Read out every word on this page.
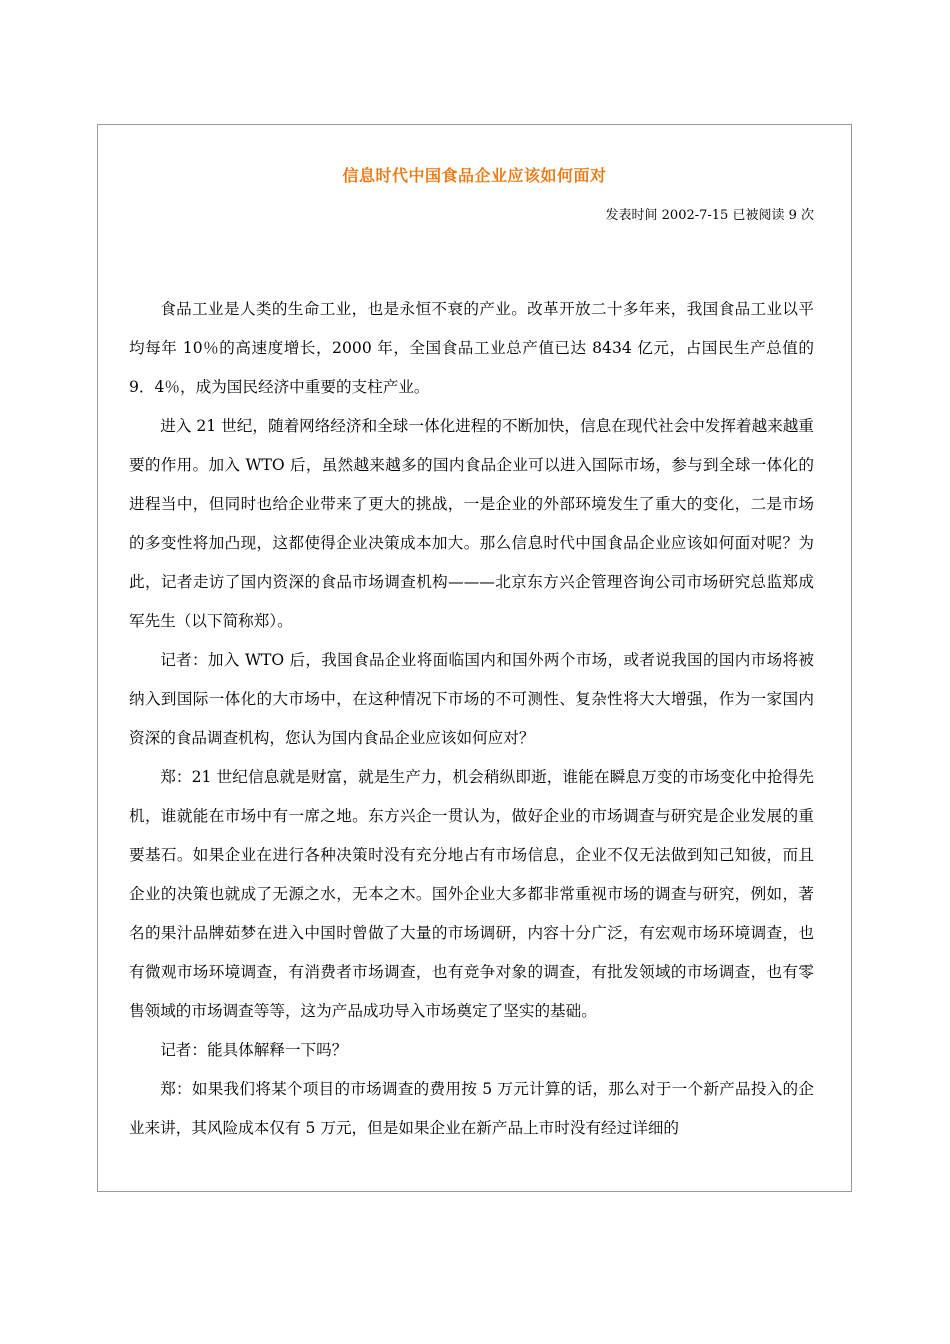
信息时代中国食品企业应该如何面对
发表时间 2002-7-15 已被阅读 9 次

食品工业是人类的生命工业，也是永恒不衰的产业。改革开放二十多年来，我国食品工业以平均每年 10％的高速度增长，2000 年，全国食品工业总产值已达 8434 亿元，占国民生产总值的 9．4％，成为国民经济中重要的支柱产业。

进入 21 世纪，随着网络经济和全球一体化进程的不断加快，信息在现代社会中发挥着越来越重要的作用。加入 WTO 后，虽然越来越多的国内食品企业可以进入国际市场，参与到全球一体化的进程当中，但同时也给企业带来了更大的挑战，一是企业的外部环境发生了重大的变化，二是市场的多变性将加凸现，这都使得企业决策成本加大。那么信息时代中国食品企业应该如何面对呢？为此，记者走访了国内资深的食品市场调查机构———北京东方兴企管理咨询公司市场研究总监郑成军先生（以下简称郑）。

记者：加入 WTO 后，我国食品企业将面临国内和国外两个市场，或者说我国的国内市场将被纳入到国际一体化的大市场中，在这种情况下市场的不可测性、复杂性将大大增强，作为一家国内资深的食品调查机构，您认为国内食品企业应该如何应对？

郑：21 世纪信息就是财富，就是生产力，机会稍纵即逝，谁能在瞬息万变的市场变化中抢得先机，谁就能在市场中有一席之地。东方兴企一贯认为，做好企业的市场调查与研究是企业发展的重要基石。如果企业在进行各种决策时没有充分地占有市场信息，企业不仅无法做到知己知彼，而且企业的决策也就成了无源之水，无本之木。国外企业大多都非常重视市场的调查与研究，例如，著名的果汁品牌茹梦在进入中国时曾做了大量的市场调研，内容十分广泛，有宏观市场环境调查，也有微观市场环境调查，有消费者市场调查，也有竞争对象的调查，有批发领域的市场调查，也有零售领域的市场调查等等，这为产品成功导入市场奠定了坚实的基础。

记者：能具体解释一下吗？

郑：如果我们将某个项目的市场调查的费用按 5 万元计算的话，那么对于一个新产品投入的企业来讲，其风险成本仅有 5 万元，但是如果企业在新产品上市时没有经过详细的
